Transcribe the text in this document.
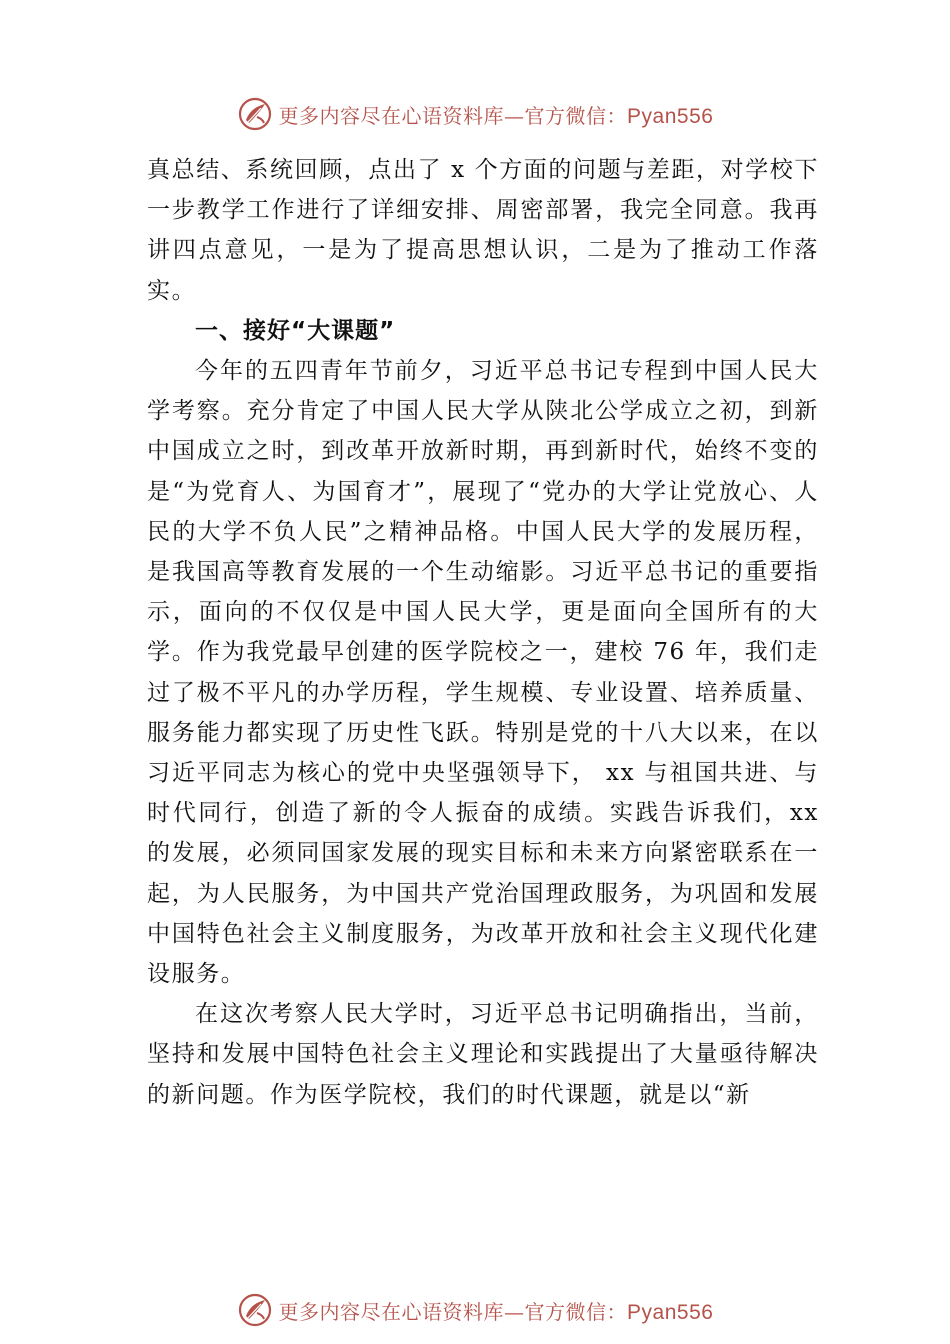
更多内容尽在心语资料库—官方微信：Pyan556

真总结、系统回顾，点出了 x 个方面的问题与差距，对学校下一步教学工作进行了详细安排、周密部署，我完全同意。我再讲四点意见，一是为了提高思想认识，二是为了推动工作落实。

一、接好“大课题”

今年的五四青年节前夕，习近平总书记专程到中国人民大学考察。充分肯定了中国人民大学从陕北公学成立之初，到新中国成立之时，到改革开放新时期，再到新时代，始终不变的是“为党育人、为国育才”，展现了“党办的大学让党放心、人民的大学不负人民”之精神品格。中国人民大学的发展历程，是我国高等教育发展的一个生动缩影。习近平总书记的重要指示，面向的不仅仅是中国人民大学，更是面向全国所有的大学。作为我党最早创建的医学院校之一，建校 76 年，我们走过了极不平凡的办学历程，学生规模、专业设置、培养质量、服务能力都实现了历史性飞跃。特别是党的十八大以来，在以习近平同志为核心的党中央坚强领导下， xx 与祖国共进、与时代同行，创造了新的令人振奋的成绩。实践告诉我们，xx 的发展，必须同国家发展的现实目标和未来方向紧密联系在一起，为人民服务，为中国共产党治国理政服务，为巩固和发展中国特色社会主义制度服务，为改革开放和社会主义现代化建设服务。

在这次考察人民大学时，习近平总书记明确指出，当前，坚持和发展中国特色社会主义理论和实践提出了大量亟待解决的新问题。作为医学院校，我们的时代课题，就是以“新

更多内容尽在心语资料库—官方微信：Pyan556
